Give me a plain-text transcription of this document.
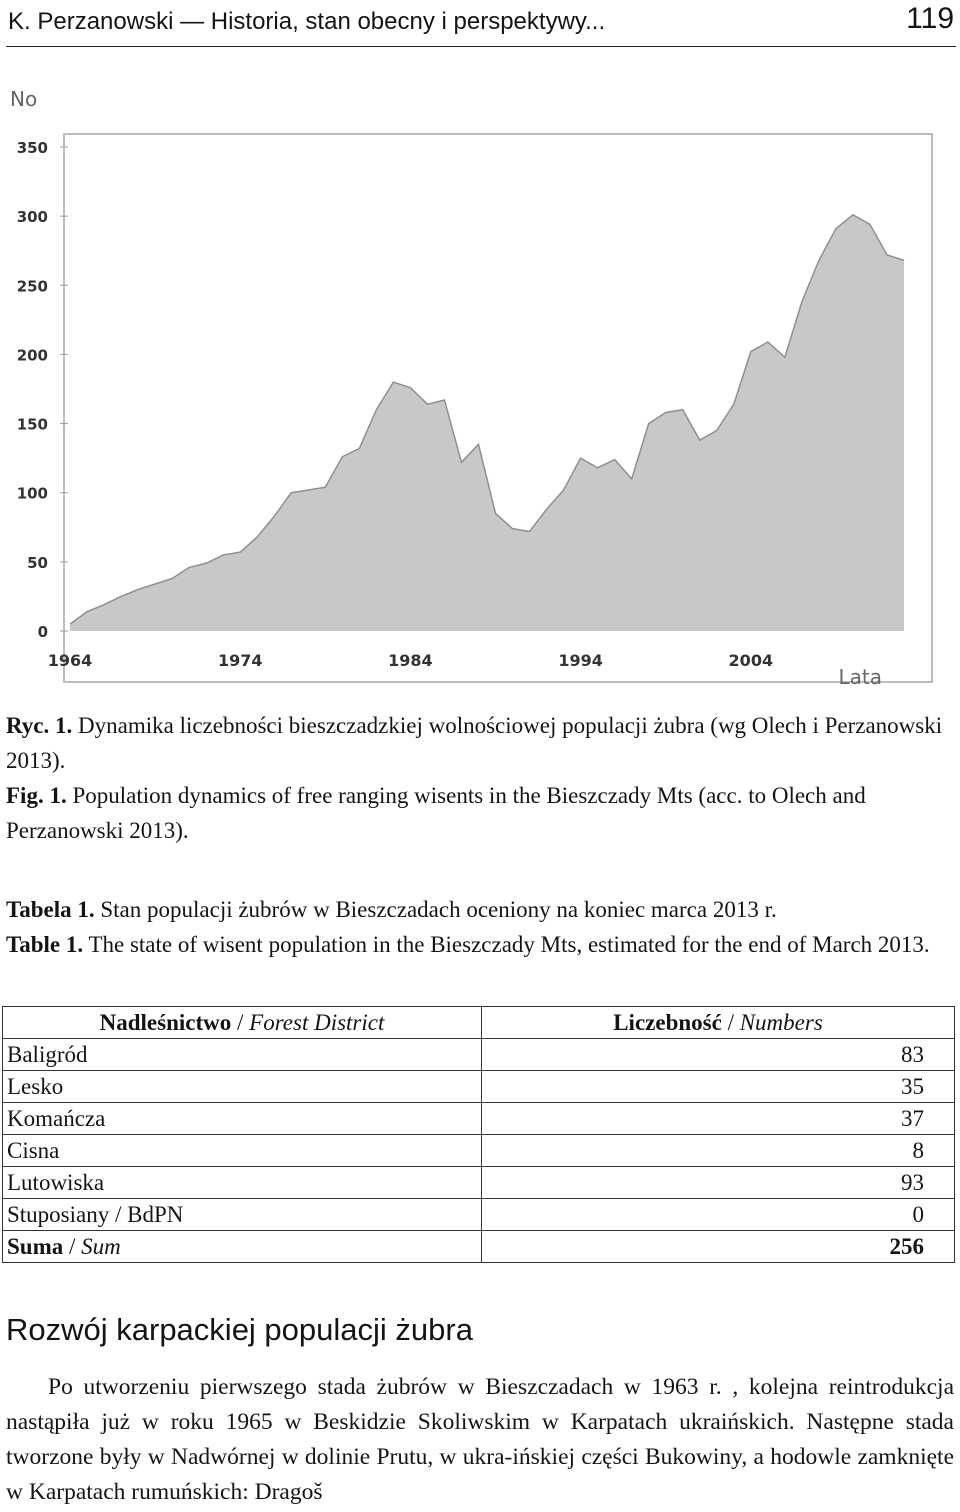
K. Perzanowski — Historia, stan obecny i perspektywy...	119
0
50
100
150
200
250
300
350
1964	1974	1984	1994	2004
No
Lata
Ryc. 1. Dynamika liczebności bieszczadzkiej wolnościowej populacji żubra (wg Olech i Perzanowski 2013).
Fig. 1. Population dynamics of free ranging wisents in the Bieszczady Mts (acc. to Olech and Perzanowski 2013).
Tabela 1. Stan populacji żubrów w Bieszczadach oceniony na koniec marca 2013 r.
Table 1. The state of wisent population in the Bieszczady Mts, estimated for the end of March 2013.
Nadleśnictwo / Forest District	Liczebność / Numbers
Baligród	83
Lesko	35
Komańcza	37
Cisna	8
Lutowiska	93
Stuposiany / BdPN	0
Suma / Sum	256
Rozwój karpackiej populacji żubra
Po utworzeniu pierwszego stada żubrów w Bieszczadach w 1963 r. , kolejna reintrodukcja nastąpiła już w roku 1965 w Beskidzie Skoliwskim w Karpatach ukraińskich. Następne stada tworzone były w Nadwórnej w dolinie Prutu, w ukra-ińskiej części Bukowiny, a hodowle zamknięte w Karpatach rumuńskich: Dragoš
